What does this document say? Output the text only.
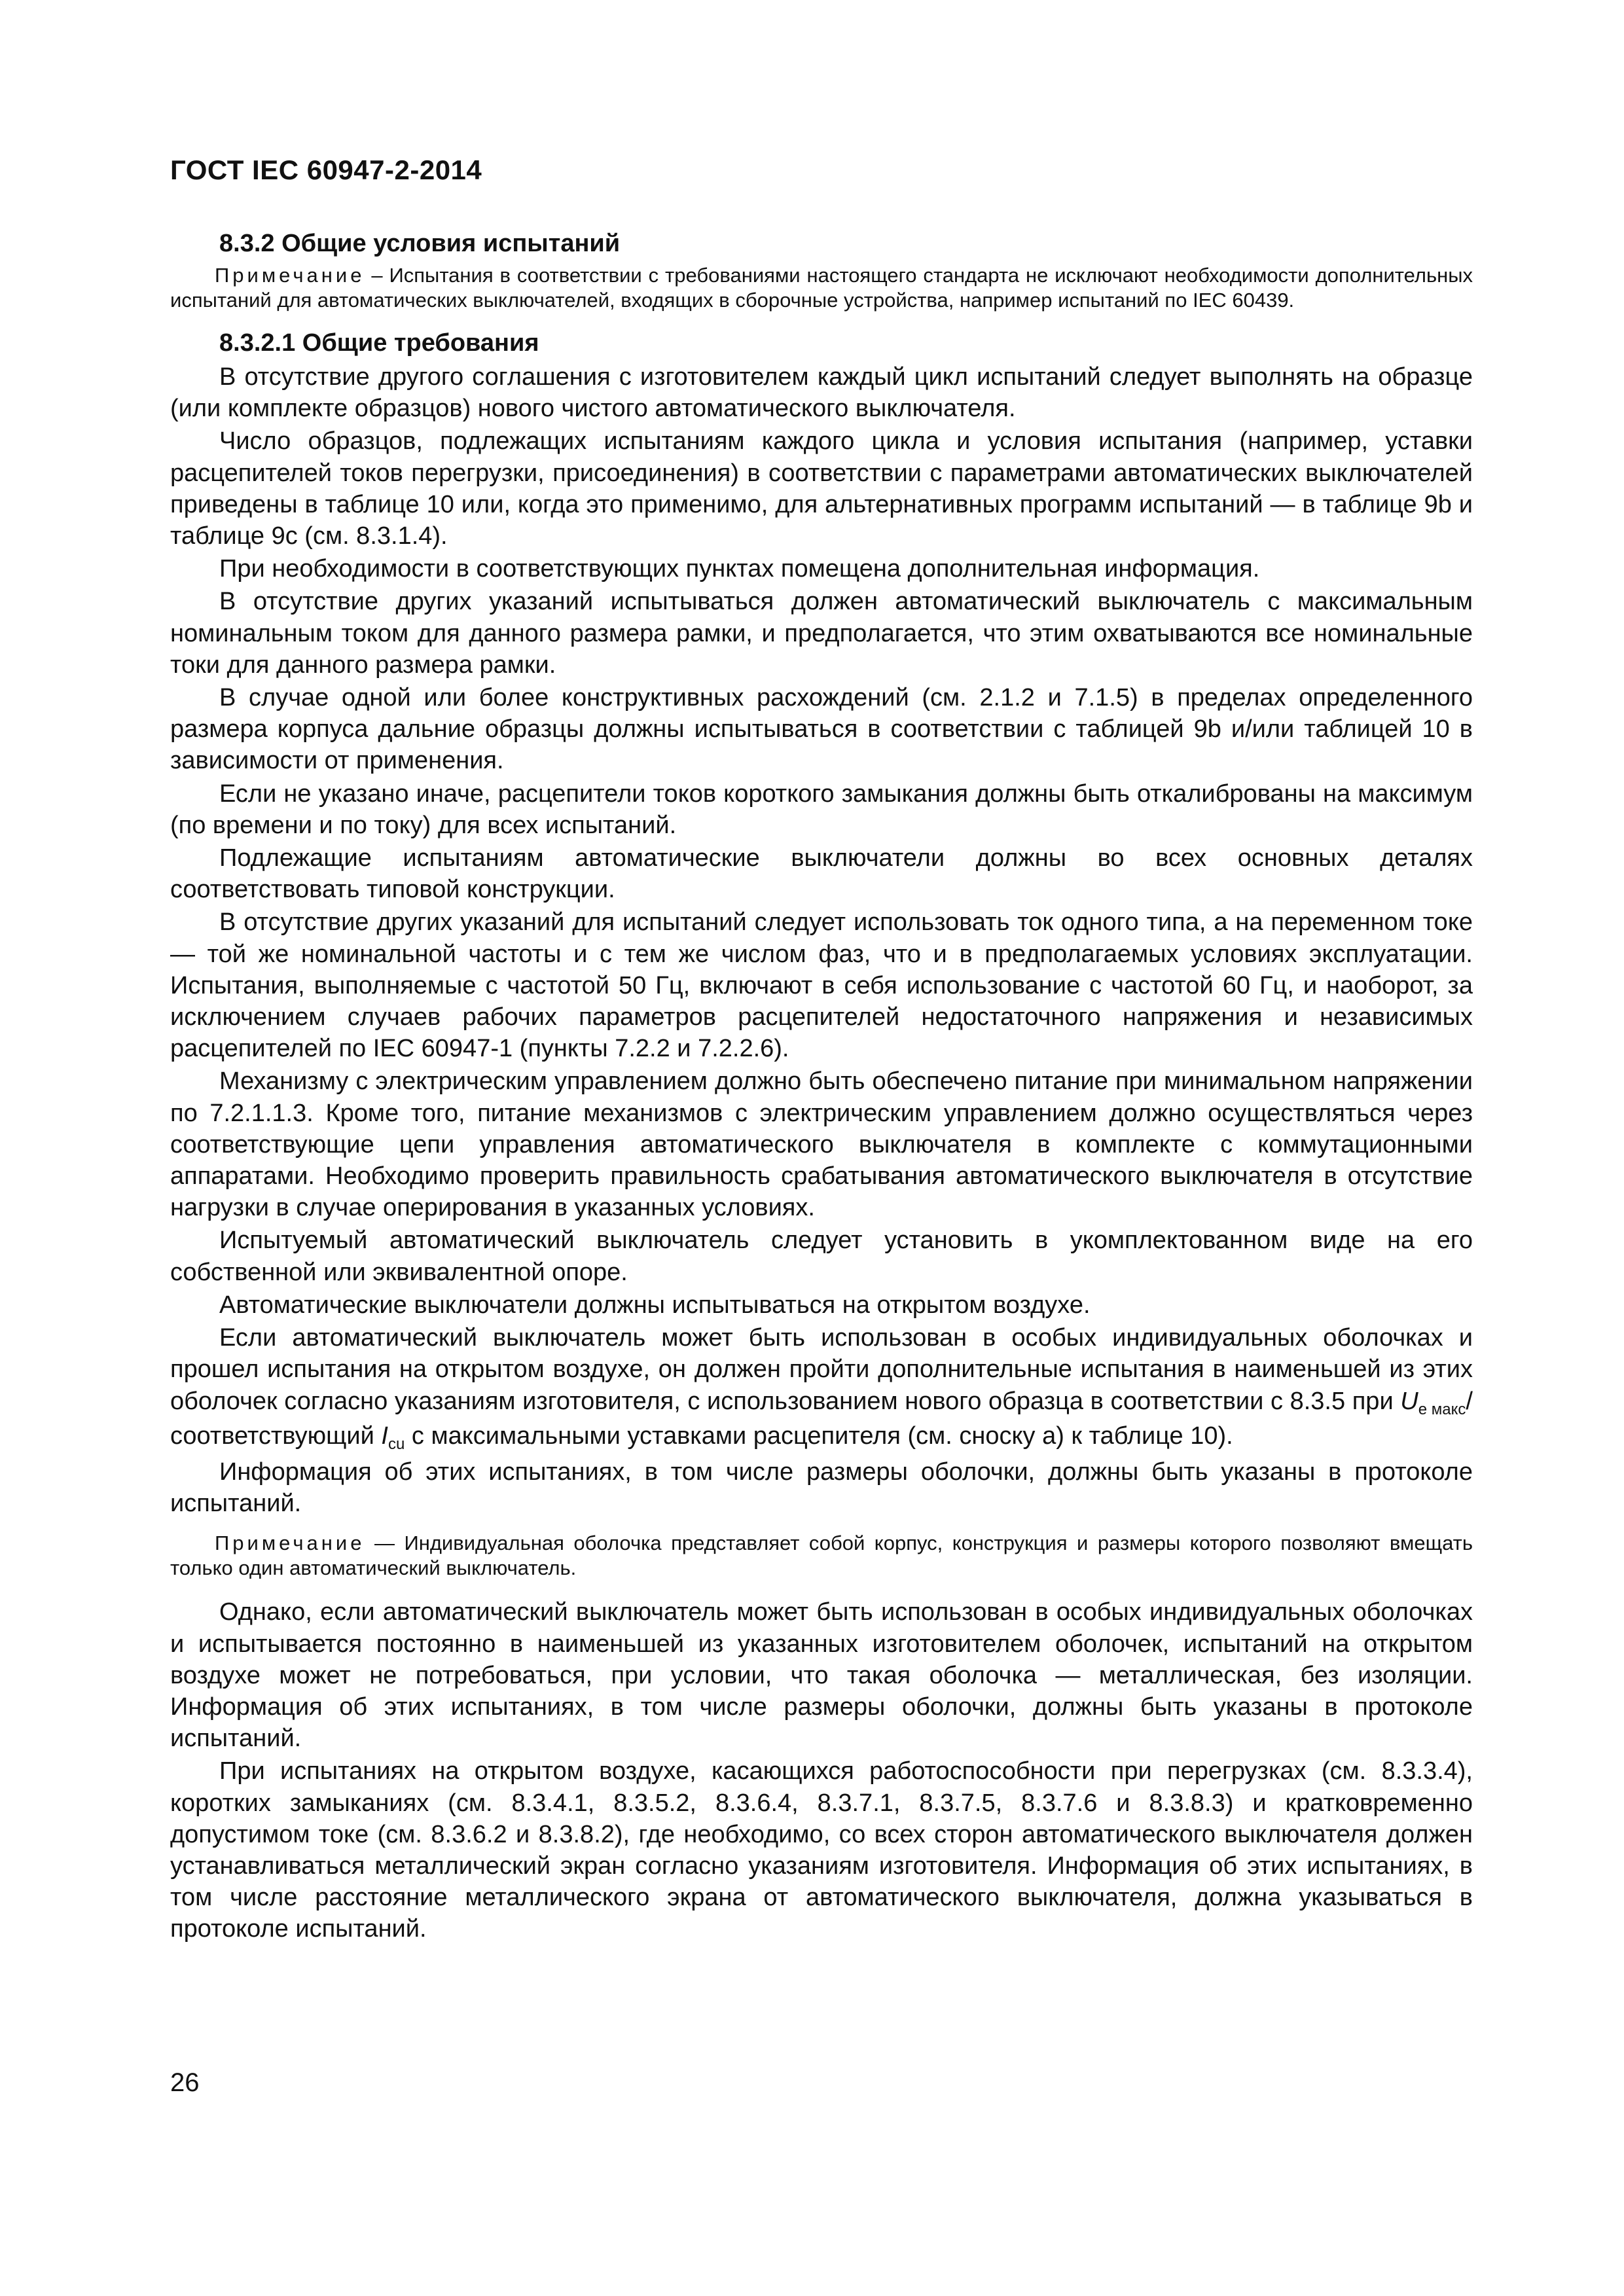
ГОСТ IEC 60947-2-2014

8.3.2 Общие условия испытаний

Примечание – Испытания в соответствии с требованиями настоящего стандарта не исключают необходимости дополнительных испытаний для автоматических выключателей, входящих в сборочные устройства, например испытаний по IEC 60439.

8.3.2.1 Общие требования

В отсутствие другого соглашения с изготовителем каждый цикл испытаний следует выполнять на образце (или комплекте образцов) нового чистого автоматического выключателя.

Число образцов, подлежащих испытаниям каждого цикла и условия испытания (например, уставки расцепителей токов перегрузки, присоединения) в соответствии с параметрами автоматических выключателей приведены в таблице 10 или, когда это применимо, для альтернативных программ испытаний — в таблице 9b и таблице 9c (см. 8.3.1.4).

При необходимости в соответствующих пунктах помещена дополнительная информация.

В отсутствие других указаний испытываться должен автоматический выключатель с максимальным номинальным током для данного размера рамки, и предполагается, что этим охватываются все номинальные токи для данного размера рамки.

В случае одной или более конструктивных расхождений (см. 2.1.2 и 7.1.5) в пределах определенного размера корпуса дальние образцы должны испытываться в соответствии с таблицей 9b и/или таблицей 10 в зависимости от применения.

Если не указано иначе, расцепители токов короткого замыкания должны быть откалиброваны на максимум (по времени и по току) для всех испытаний.

Подлежащие испытаниям автоматические выключатели должны во всех основных деталях соответствовать типовой конструкции.

В отсутствие других указаний для испытаний следует использовать ток одного типа, а на переменном токе — той же номинальной частоты и с тем же числом фаз, что и в предполагаемых условиях эксплуатации. Испытания, выполняемые с частотой 50 Гц, включают в себя использование с частотой 60 Гц, и наоборот, за исключением случаев рабочих параметров расцепителей недостаточного напряжения и независимых расцепителей по IEC 60947-1 (пункты 7.2.2 и 7.2.2.6).

Механизму с электрическим управлением должно быть обеспечено питание при минимальном напряжении по 7.2.1.1.3. Кроме того, питание механизмов с электрическим управлением должно осуществляться через соответствующие цепи управления автоматического выключателя в комплекте с коммутационными аппаратами. Необходимо проверить правильность срабатывания автоматического выключателя в отсутствие нагрузки в случае оперирования в указанных условиях.

Испытуемый автоматический выключатель следует установить в укомплектованном виде на его собственной или эквивалентной опоре.

Автоматические выключатели должны испытываться на открытом воздухе.

Если автоматический выключатель может быть использован в особых индивидуальных оболочках и прошел испытания на открытом воздухе, он должен пройти дополнительные испытания в наименьшей из этих оболочек согласно указаниям изготовителя, с использованием нового образца в соответствии с 8.3.5 при $U_{e макс}$/соответствующий $I_{cu}$ с максимальными уставками расцепителя (см. сноску a) к таблице 10).

Информация об этих испытаниях, в том числе размеры оболочки, должны быть указаны в протоколе испытаний.

Примечание — Индивидуальная оболочка представляет собой корпус, конструкция и размеры которого позволяют вмещать только один автоматический выключатель.

Однако, если автоматический выключатель может быть использован в особых индивидуальных оболочках и испытывается постоянно в наименьшей из указанных изготовителем оболочек, испытаний на открытом воздухе может не потребоваться, при условии, что такая оболочка — металлическая, без изоляции. Информация об этих испытаниях, в том числе размеры оболочки, должны быть указаны в протоколе испытаний.

При испытаниях на открытом воздухе, касающихся работоспособности при перегрузках (см. 8.3.3.4), коротких замыканиях (см. 8.3.4.1, 8.3.5.2, 8.3.6.4, 8.3.7.1, 8.3.7.5, 8.3.7.6 и 8.3.8.3) и кратковременно допустимом токе (см. 8.3.6.2 и 8.3.8.2), где необходимо, со всех сторон автоматического выключателя должен устанавливаться металлический экран согласно указаниям изготовителя. Информация об этих испытаниях, в том числе расстояние металлического экрана от автоматического выключателя, должна указываться в протоколе испытаний.

26
